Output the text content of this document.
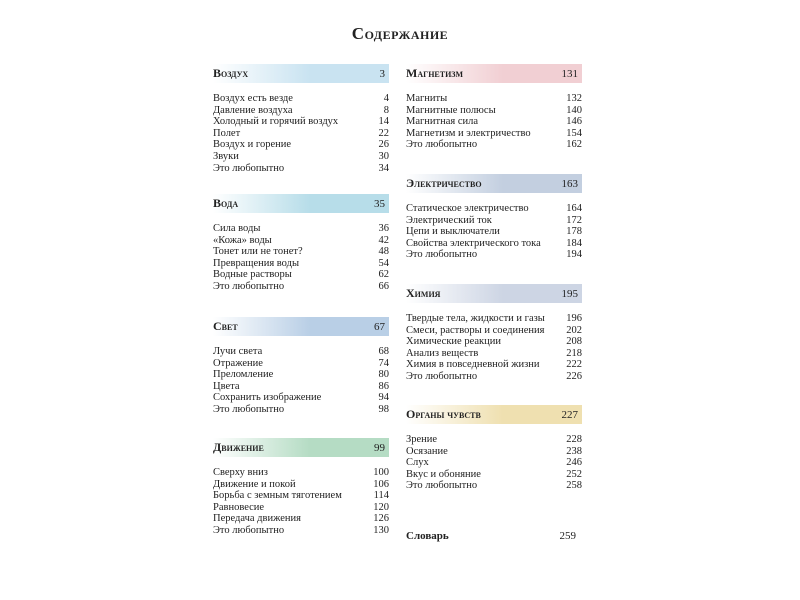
Содержание
Воздух	3
Воздух есть везде	4
Давление воздуха	8
Холодный и горячий воздух	14
Полет	22
Воздух и горение	26
Звуки	30
Это любопытно	34
Вода	35
Сила воды	36
«Кожа» воды	42
Тонет или не тонет?	48
Превращения воды	54
Водные растворы	62
Это любопытно	66
Свет	67
Лучи света	68
Отражение	74
Преломление	80
Цвета	86
Сохранить изображение	94
Это любопытно	98
Движение	99
Сверху вниз	100
Движение и покой	106
Борьба с земным тяготением	114
Равновесие	120
Передача движения	126
Это любопытно	130
Магнетизм	131
Магниты	132
Магнитные полюсы	140
Магнитная сила	146
Магнетизм и электричество	154
Это любопытно	162
Электричество	163
Статическое электричество	164
Электрический ток	172
Цепи и выключатели	178
Свойства электрического тока 184
Это любопытно	194
Химия	195
Твердые тела, жидкости и газы 196
Смеси, растворы и соединения 202
Химические реакции	208
Анализ веществ	218
Химия в повседневной жизни	222
Это любопытно	226
Органы чувств	227
Зрение	228
Осязание	238
Слух	246
Вкус и обоняние	252
Это любопытно	258
Словарь	259
